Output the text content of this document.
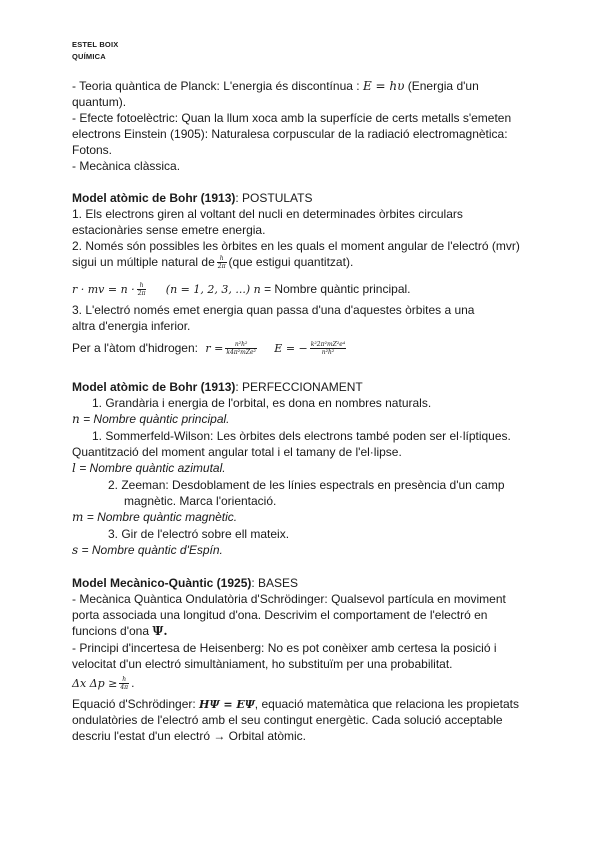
ESTEL BOIX
QUÍMICA
- Teoria quàntica de Planck: L'energia és discontínua : E = hυ (Energia d'un
quantum).
- Efecte fotoelèctric: Quan la llum xoca amb la superfície de certs metalls s'emeten
electrons Einstein (1905): Naturalesa corpuscular de la radiació electromagnètica:
Fotons.
- Mecànica clàssica.
Model atòmic de Bohr (1913): POSTULATS
1. Els electrons giren al voltant del nucli en determinades òrbites circulars
estacionàries sense emetre energia.
2. Només són possibles les òrbites en les quals el moment angular de l'electró (mvr)
sigui un múltiple natural de $\frac{h}{2\pi} (que$ estigui quantitzat).
r · mv = $n \cdot \frac{h}{2\pi} (n = 1$, 2, 3, ...) n = Nombre quàntic principal.
3. L'electró només emet energia quan passa d'una d'aquestes òrbites a una
altra d'energia inferior.
Per a l'àtom d'hidrogen: $r = \frac{\text{n²h²}}{\text{k4π²mZe²}}$ E = − $\frac{\text{k²2π²mZ²e⁴}}{\text{n²h²}}$
Model atòmic de Bohr (1913): PERFECCIONAMENT
1. Grandària i energia de l'orbital, es dona en nombres naturals.
n = Nombre quàntic principal.
1. Sommerfeld-Wilson: Les òrbites dels electrons també poden ser el·líptiques.
Quantització del moment angular total i el tamany de l'el·lipse.
l = Nombre quàntic azimutal.
2. Zeeman: Desdoblament de les línies espectrals en presència d'un camp
magnètic. Marca l'orientació.
m = Nombre quàntic magnètic.
3. Gir de l'electró sobre ell mateix.
s = Nombre quàntic d'Espín.
Model Mecànico-Quàntic (1925): BASES
- Mecànica Quàntica Ondulatòria d'Schrödinger: Qualsevol partícula en moviment
porta associada una longitud d'ona. Descrivim el comportament de l'electró en
funcions d'ona Ψ.
- Principi d'incertesa de Heisenberg: No es pot conèixer amb certesa la posició i
velocitat d'un electró simultàniament, ho substituïm per una probabilitat.
Δx $\Delta p \ge \frac{h}{4\pi}$ .
Equació d'Schrödinger: HΨ = EΨ, equació matemàtica que relaciona les propietats
ondulatòries de l'electró amb el seu contingut energètic. Cada solució acceptable
descriu l'estat d'un electró → Orbital atòmic.
